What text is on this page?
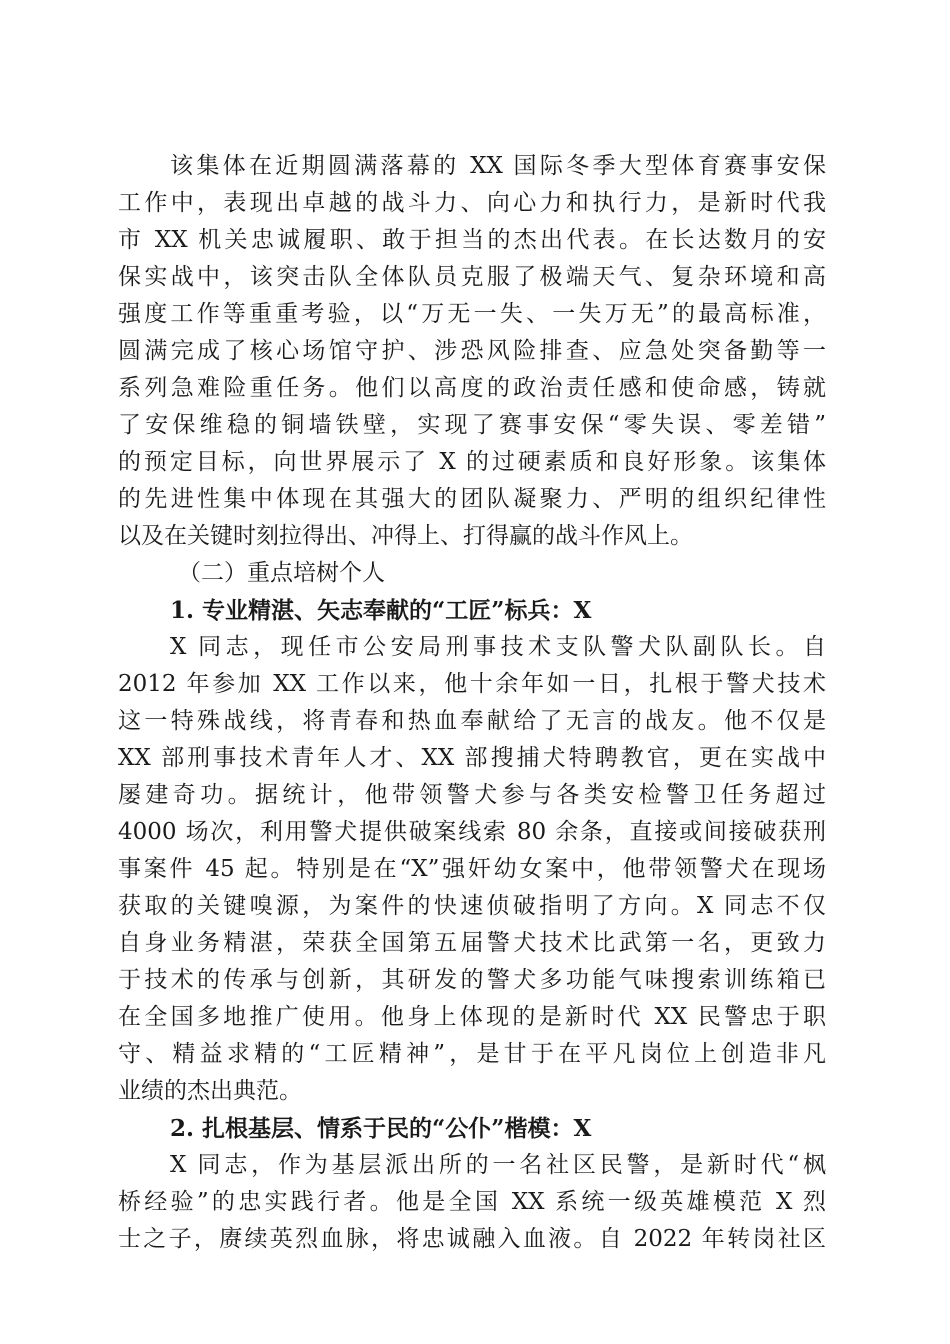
该集体在近期圆满落幕的 XX 国际冬季大型体育赛事安保
工作中，表现出卓越的战斗力、向心力和执行力，是新时代我
市 XX 机关忠诚履职、敢于担当的杰出代表。在长达数月的安
保实战中，该突击队全体队员克服了极端天气、复杂环境和高
强度工作等重重考验，以“万无一失、一失万无”的最高标准，
圆满完成了核心场馆守护、涉恐风险排查、应急处突备勤等一
系列急难险重任务。他们以高度的政治责任感和使命感，铸就
了安保维稳的铜墙铁壁，实现了赛事安保“零失误、零差错”
的预定目标，向世界展示了 X 的过硬素质和良好形象。该集体
的先进性集中体现在其强大的团队凝聚力、严明的组织纪律性
以及在关键时刻拉得出、冲得上、打得赢的战斗作风上。
（二）重点培树个人
1. 专业精湛、矢志奉献的“工匠”标兵：X
X 同志，现任市公安局刑事技术支队警犬队副队长。自
2012 年参加 XX 工作以来，他十余年如一日，扎根于警犬技术
这一特殊战线，将青春和热血奉献给了无言的战友。他不仅是
XX 部刑事技术青年人才、XX 部搜捕犬特聘教官，更在实战中
屡建奇功。据统计，他带领警犬参与各类安检警卫任务超过
4000 场次，利用警犬提供破案线索 80 余条，直接或间接破获刑
事案件 45 起。特别是在“X”强奸幼女案中，他带领警犬在现场
获取的关键嗅源，为案件的快速侦破指明了方向。X 同志不仅
自身业务精湛，荣获全国第五届警犬技术比武第一名，更致力
于技术的传承与创新，其研发的警犬多功能气味搜索训练箱已
在全国多地推广使用。他身上体现的是新时代 XX 民警忠于职
守、精益求精的“工匠精神”，是甘于在平凡岗位上创造非凡
业绩的杰出典范。
2. 扎根基层、情系于民的“公仆”楷模：X
X 同志，作为基层派出所的一名社区民警，是新时代“枫
桥经验”的忠实践行者。他是全国 XX 系统一级英雄模范 X 烈
士之子，赓续英烈血脉，将忠诚融入血液。自 2022 年转岗社区
